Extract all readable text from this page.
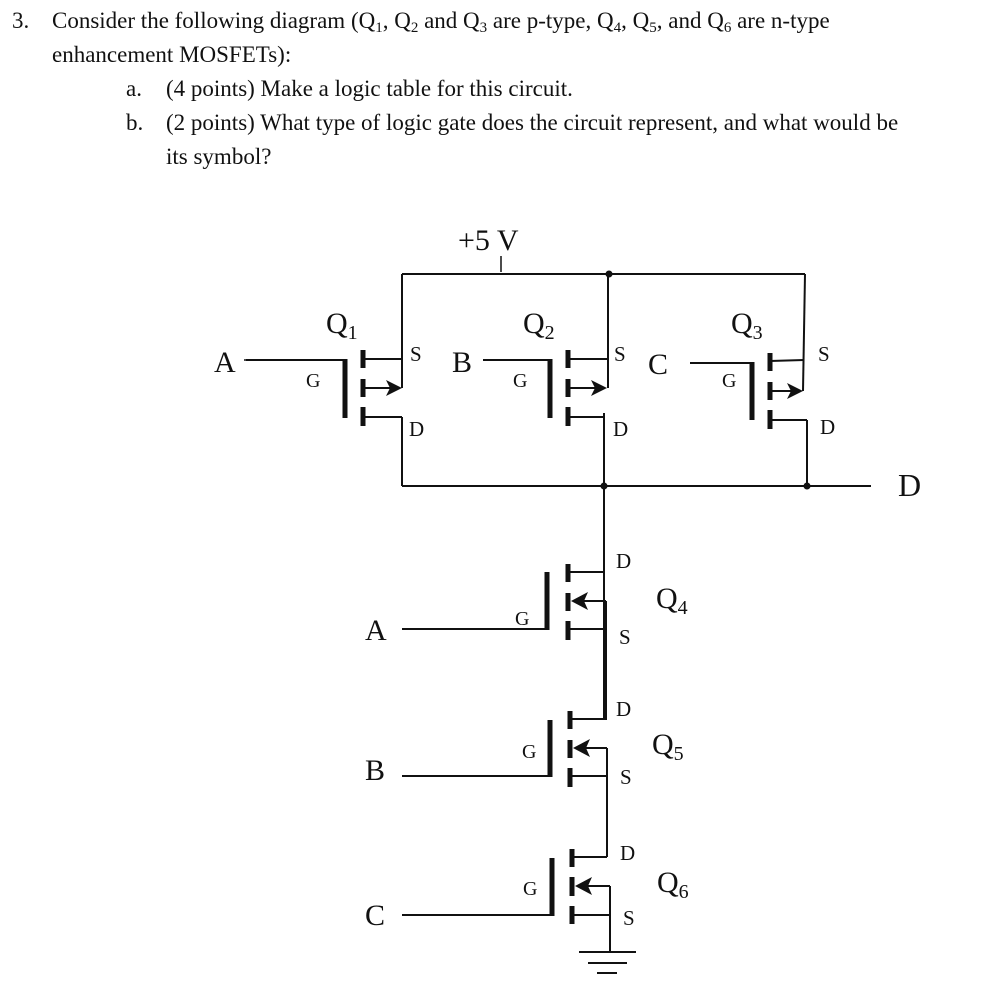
3. Consider the following diagram ($Q_1$, $Q_2$ and $Q_3$ are p-type, $Q_4$, $Q_5$, and $Q_6$ are n-type
enhancement MOSFETs):
a. (4 points) Make a logic table for this circuit.
b. (2 points) What type of logic gate does the circuit represent, and what would be
its symbol?
+5 V
D
$Q_1$
A
G
S
D
$Q_2$
B
G
S
D
$Q_3$
C	G
S
D
$Q_4$
A	G
D
S
$Q_5$
B
G
D
S
$Q_6$
C
G
D
S
